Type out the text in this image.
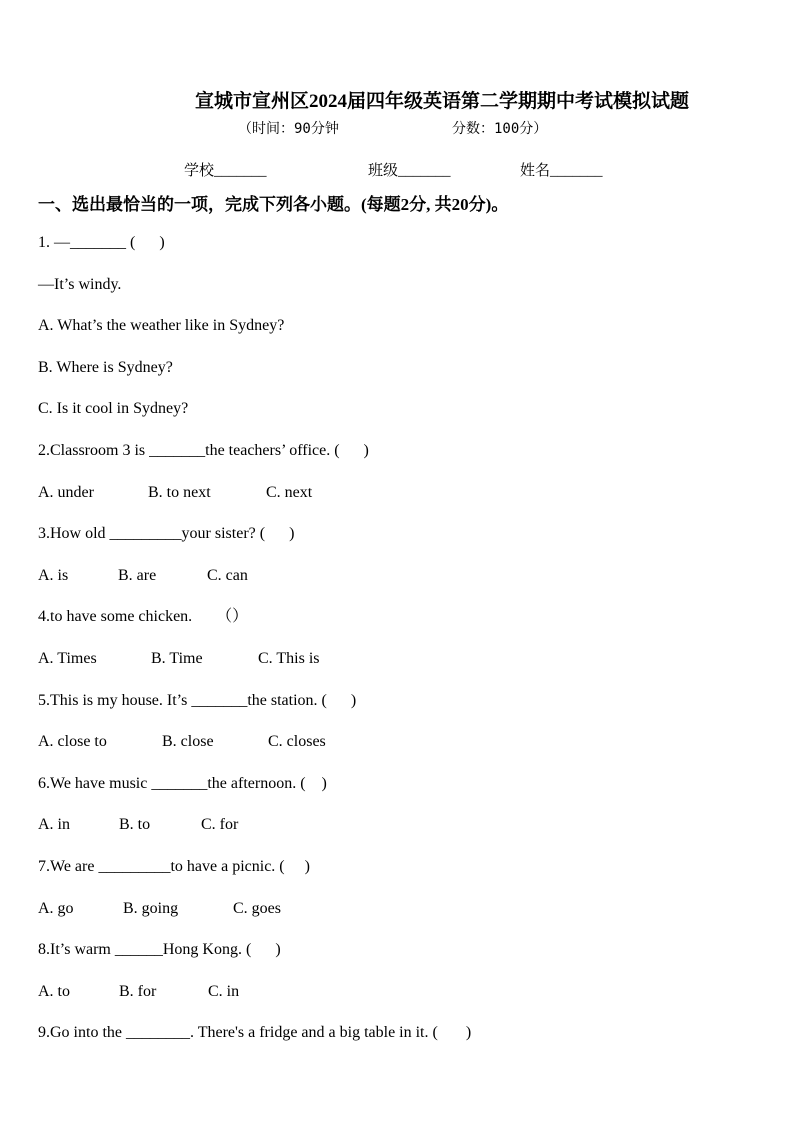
宣城市宣州区2024届四年级英语第二学期期中考试模拟试题
（时间：90分钟	分数：100分）
学校_______	班级_______	姓名_______
一、选出最恰当的一项，完成下列各小题。(每题2分, 共20分)。
1. —_______ (      )
—It’s windy.
A. What’s the weather like in Sydney?
B. Where is Sydney?
C. Is it cool in Sydney?
2.Classroom 3 is _______the teachers’ office. (      )
A. under	B. to next	C. next
3.How old _________your sister? (      )
A. is	B. are	C. can
4.to have some chicken.      （）
A. Times	B. Time	C. This is
5.This is my house. It’s _______the station. (      )
A. close to	B. close	C. closes
6.We have music _______the afternoon. (    )
A. in	B. to	C. for
7.We are _________to have a picnic. (     )
A. go	B. going	C. goes
8.It’s warm ______Hong Kong. (      )
A. to	B. for	C. in
9.Go into the ________. There's a fridge and a big table in it. (       )
